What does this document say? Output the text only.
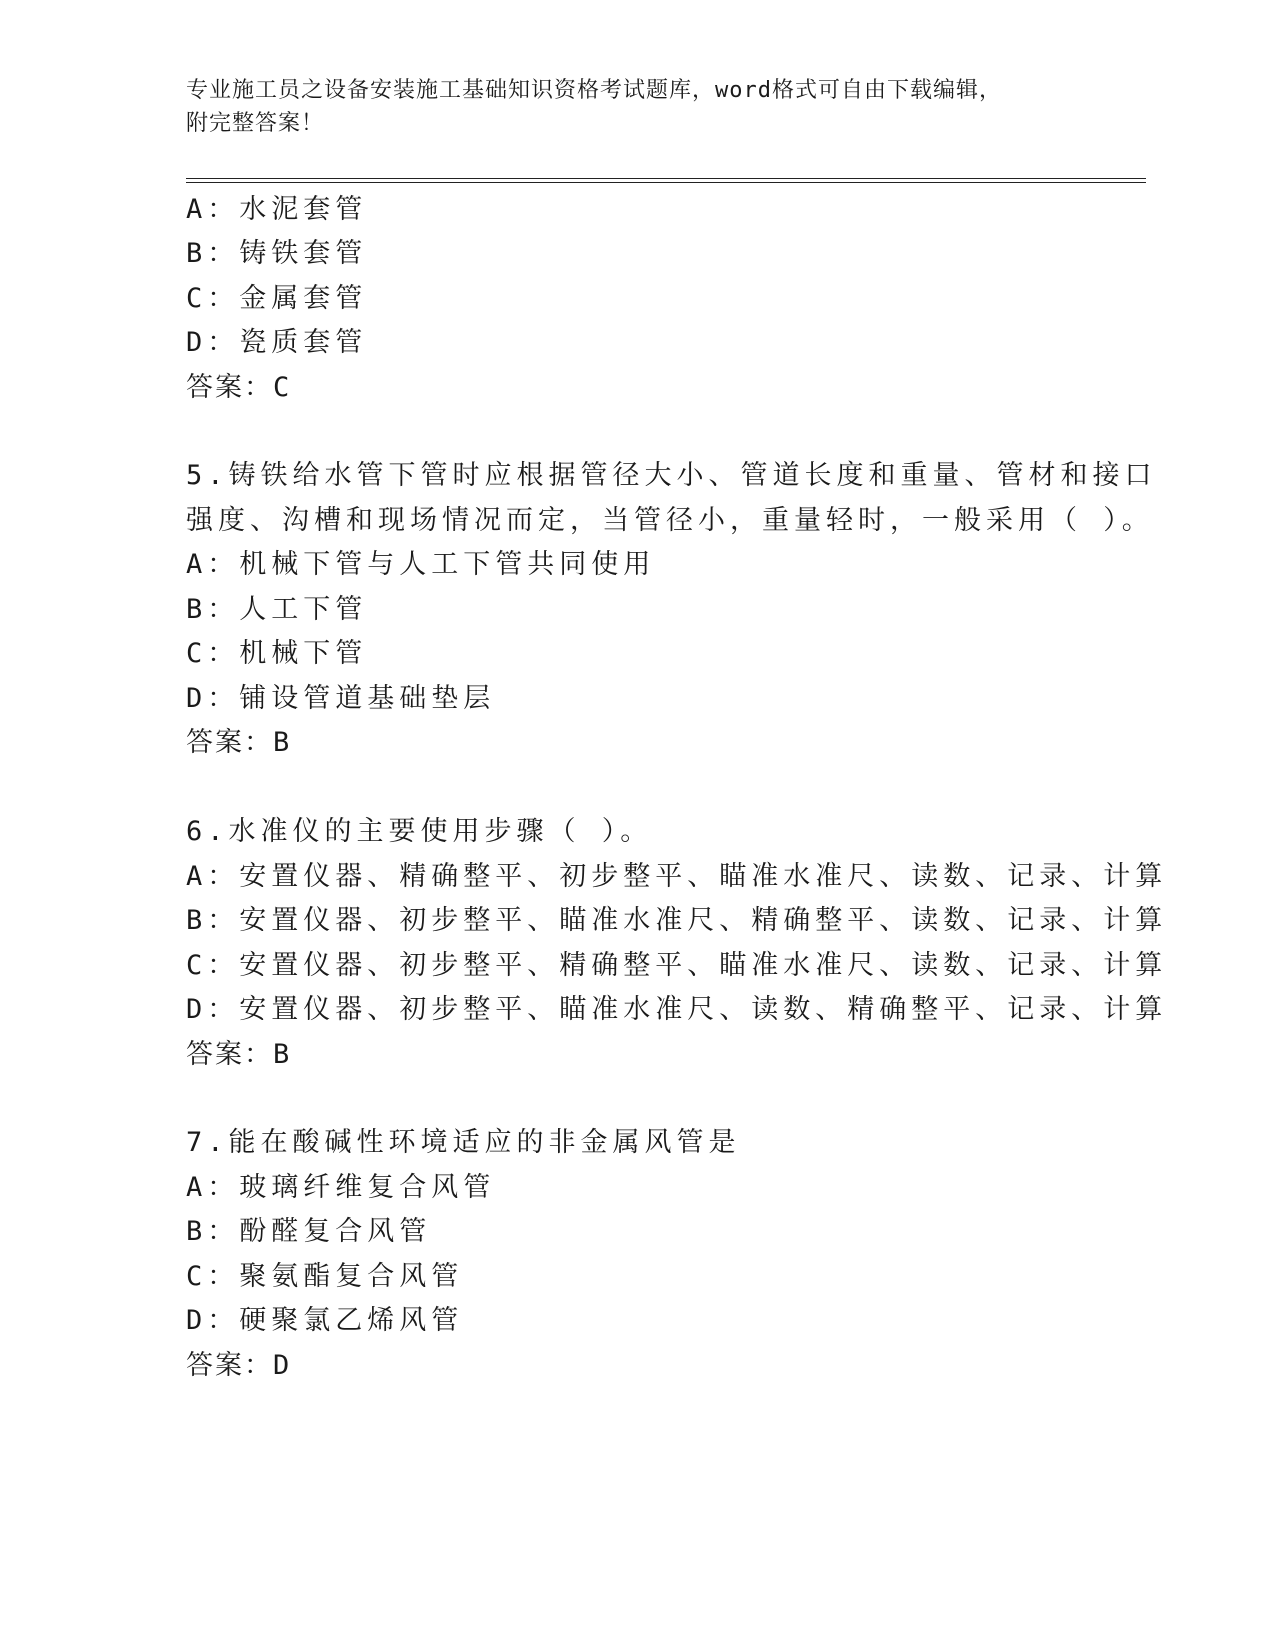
专业施工员之设备安装施工基础知识资格考试题库，word格式可自由下载编辑，
附完整答案！
A：水泥套管
B：铸铁套管
C：金属套管
D：瓷质套管
答案：C
5.铸铁给水管下管时应根据管径大小、管道长度和重量、管材和接口
强度、沟槽和现场情况而定，当管径小，重量轻时，一般采用（ ）。
A：机械下管与人工下管共同使用
B：人工下管
C：机械下管
D：铺设管道基础垫层
答案：B
6.水准仪的主要使用步骤（ ）。
A：安置仪器、精确整平、初步整平、瞄准水准尺、读数、记录、计算
B：安置仪器、初步整平、瞄准水准尺、精确整平、读数、记录、计算
C：安置仪器、初步整平、精确整平、瞄准水准尺、读数、记录、计算
D：安置仪器、初步整平、瞄准水准尺、读数、精确整平、记录、计算
答案：B
7.能在酸碱性环境适应的非金属风管是
A：玻璃纤维复合风管
B：酚醛复合风管
C：聚氨酯复合风管
D：硬聚氯乙烯风管
答案：D
